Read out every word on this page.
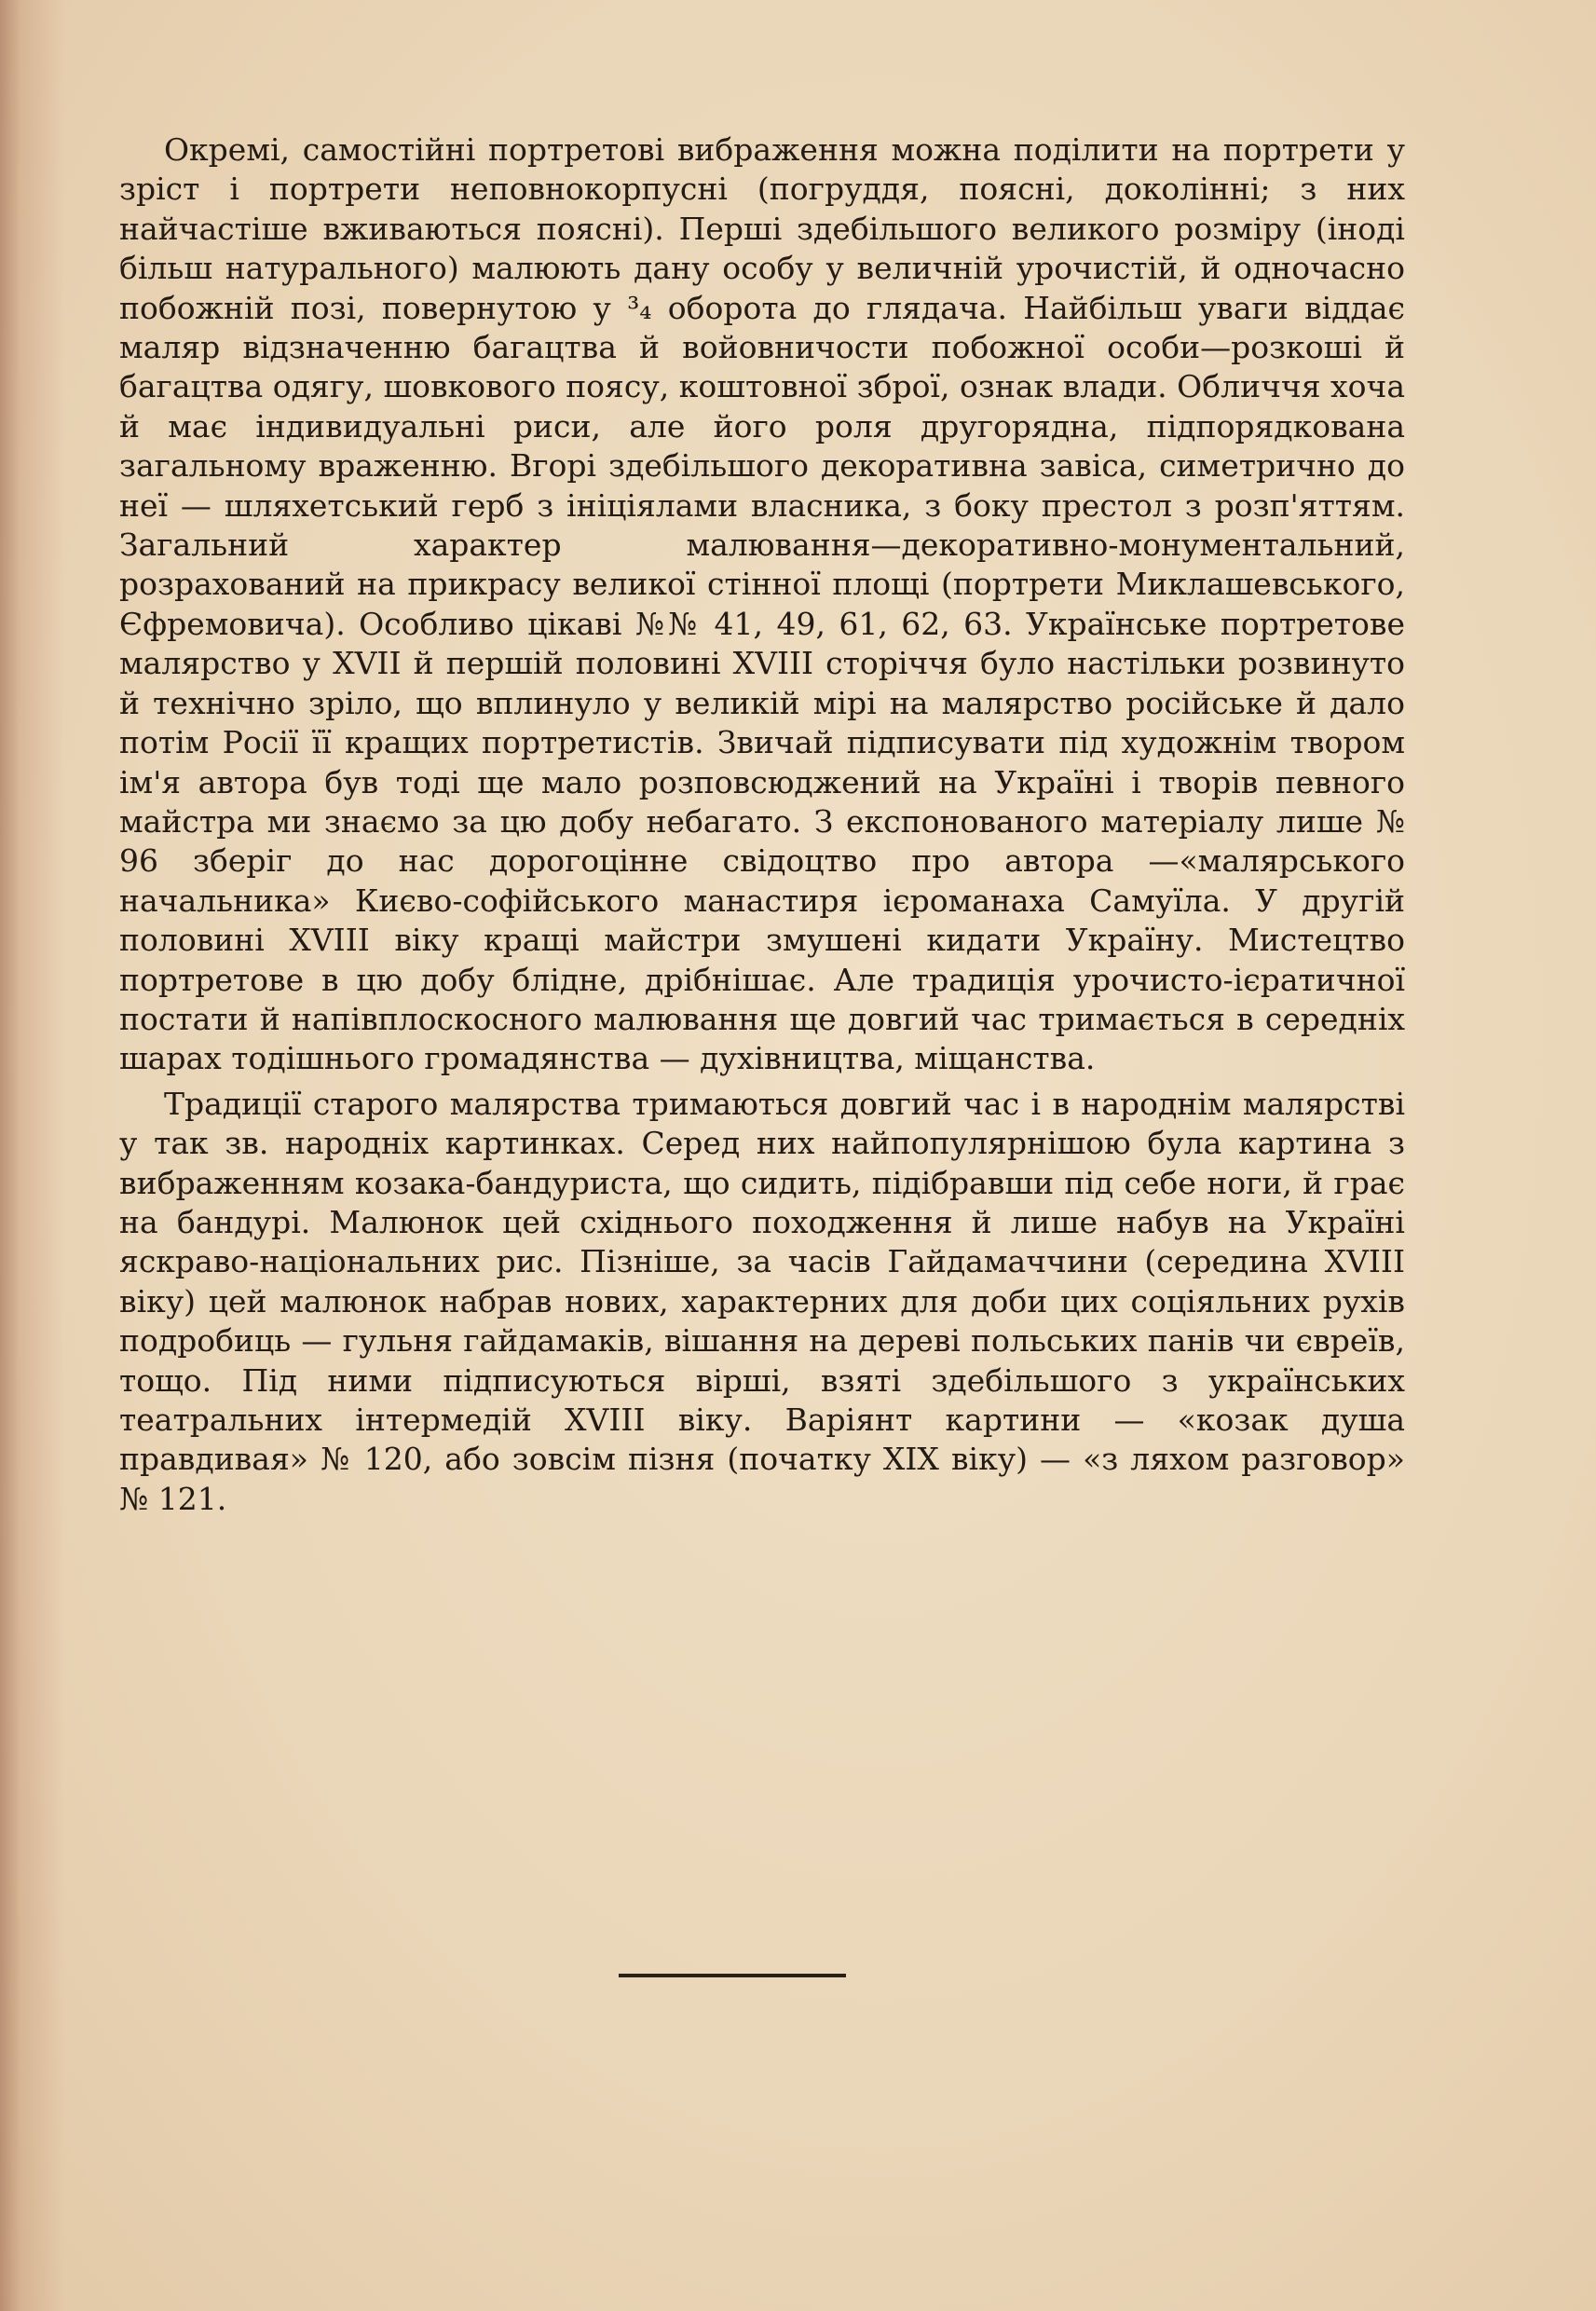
Окремі, самостійні портретові вибраження можна поділити на портрети у зріст і портрети неповнокорпусні (погруддя, поясні, доколінні; з них найчастіше вживаються поясні). Перші здебільшого великого розміру (іноді більш натурального) малюють дану особу у величній урочистій, й одночасно побожній позі, повернутою у ³₄ оборота до глядача. Найбільш уваги віддає маляр відзначенню багацтва й войовничости побожної особи—розкоші й багацтва одягу, шовкового поясу, коштовної зброї, ознак влади. Обличчя хоча й має індивидуальні риси, але його роля другорядна, підпорядкована загальному враженню. Вгорі здебільшого декоративна завіса, симетрично до неї — шляхетський герб з ініціялами власника, з боку престол з розп'яттям. Загальний характер малювання—декоративно-монументальний, розрахований на прикрасу великої стінної площі (портрети Миклашевського, Єфремовича). Особливо цікаві №№ 41, 49, 61, 62, 63. Українське портретове малярство у XVII й першій половині XVIII сторіччя було настільки розвинуто й технічно зріло, що вплинуло у великій мірі на малярство російське й дало потім Росії її кращих портретистів. Звичай підписувати під художнім твором ім'я автора був тоді ще мало розповсюджений на Україні і творів певного майстра ми знаємо за цю добу небагато. З експонованого матеріалу лише № 96 зберіг до нас дорогоцінне свідоцтво про автора —«малярського начальника» Києво-софійського манастиря ієроманаха Самуїла. У другій половині XVIII віку кращі майстри змушені кидати Україну. Мистецтво портретове в цю добу блідне, дрібнішає. Але традиція урочисто-ієратичної постати й напівплоскосного малювання ще довгий час тримається в середніх шарах тодішнього громадянства — духівництва, міщанства.

Традиції старого малярства тримаються довгий час і в народнім малярстві у так зв. народніх картинках. Серед них найпопулярнішою була картина з вибраженням козака-бандуриста, що сидить, підібравши під себе ноги, й грає на бандурі. Малюнок цей східнього походження й лише набув на Україні яскраво-національних рис. Пізніше, за часів Гайдамаччини (середина XVIII віку) цей малюнок набрав нових, характерних для доби цих соціяльних рухів подробиць — гульня гайдамаків, вішання на дереві польських панів чи євреїв, тощо. Під ними підписуються вірші, взяті здебільшого з українських театральних інтермедій XVIII віку. Варіянт картини — «козак душа правдивая» № 120, або зовсім пізня (початку XIX віку) — «з ляхом разговор» № 121.
